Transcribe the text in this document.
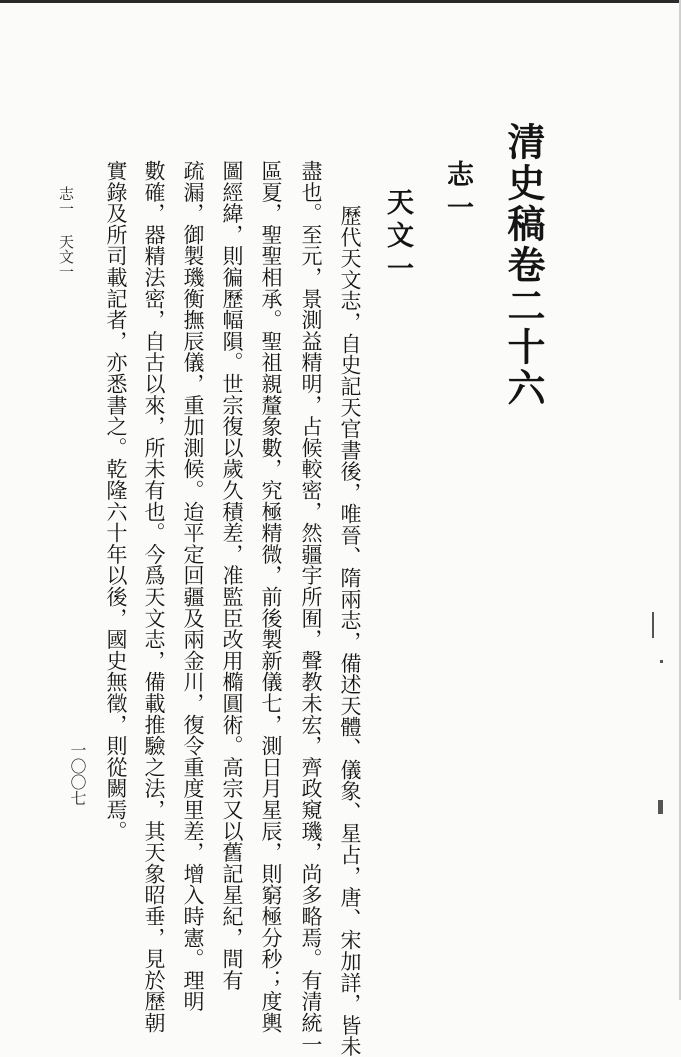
清史稿卷二十六
志一
天文一
歷代天文志，自史記天官書後，唯晉、隋兩志，備述天體、儀象、星占，唐、宋加詳，皆未
盡也。至元，景測益精明，占候較密，然疆宇所囿，聲教未宏，齊政窺璣，尚多略焉。有清統一
區夏，聖聖相承。聖祖親釐象數，究極精微，前後製新儀七，測日月星辰，則窮極分秒；度輿
圖經緯，則徧歷幅隕。世宗復以歲久積差，准監臣改用橢圓術。高宗又以舊記星紀，間有
疏漏，御製璣衡撫辰儀，重加測候。迨平定回疆及兩金川，復令重度里差，增入時憲。理明
數確，器精法密，自古以來，所未有也。今爲天文志，備載推驗之法，其天象昭垂，見於歷朝
實錄及所司載記者，亦悉書之。乾隆六十年以後，國史無徵，則從闕焉。
志一天文一
一〇〇七
